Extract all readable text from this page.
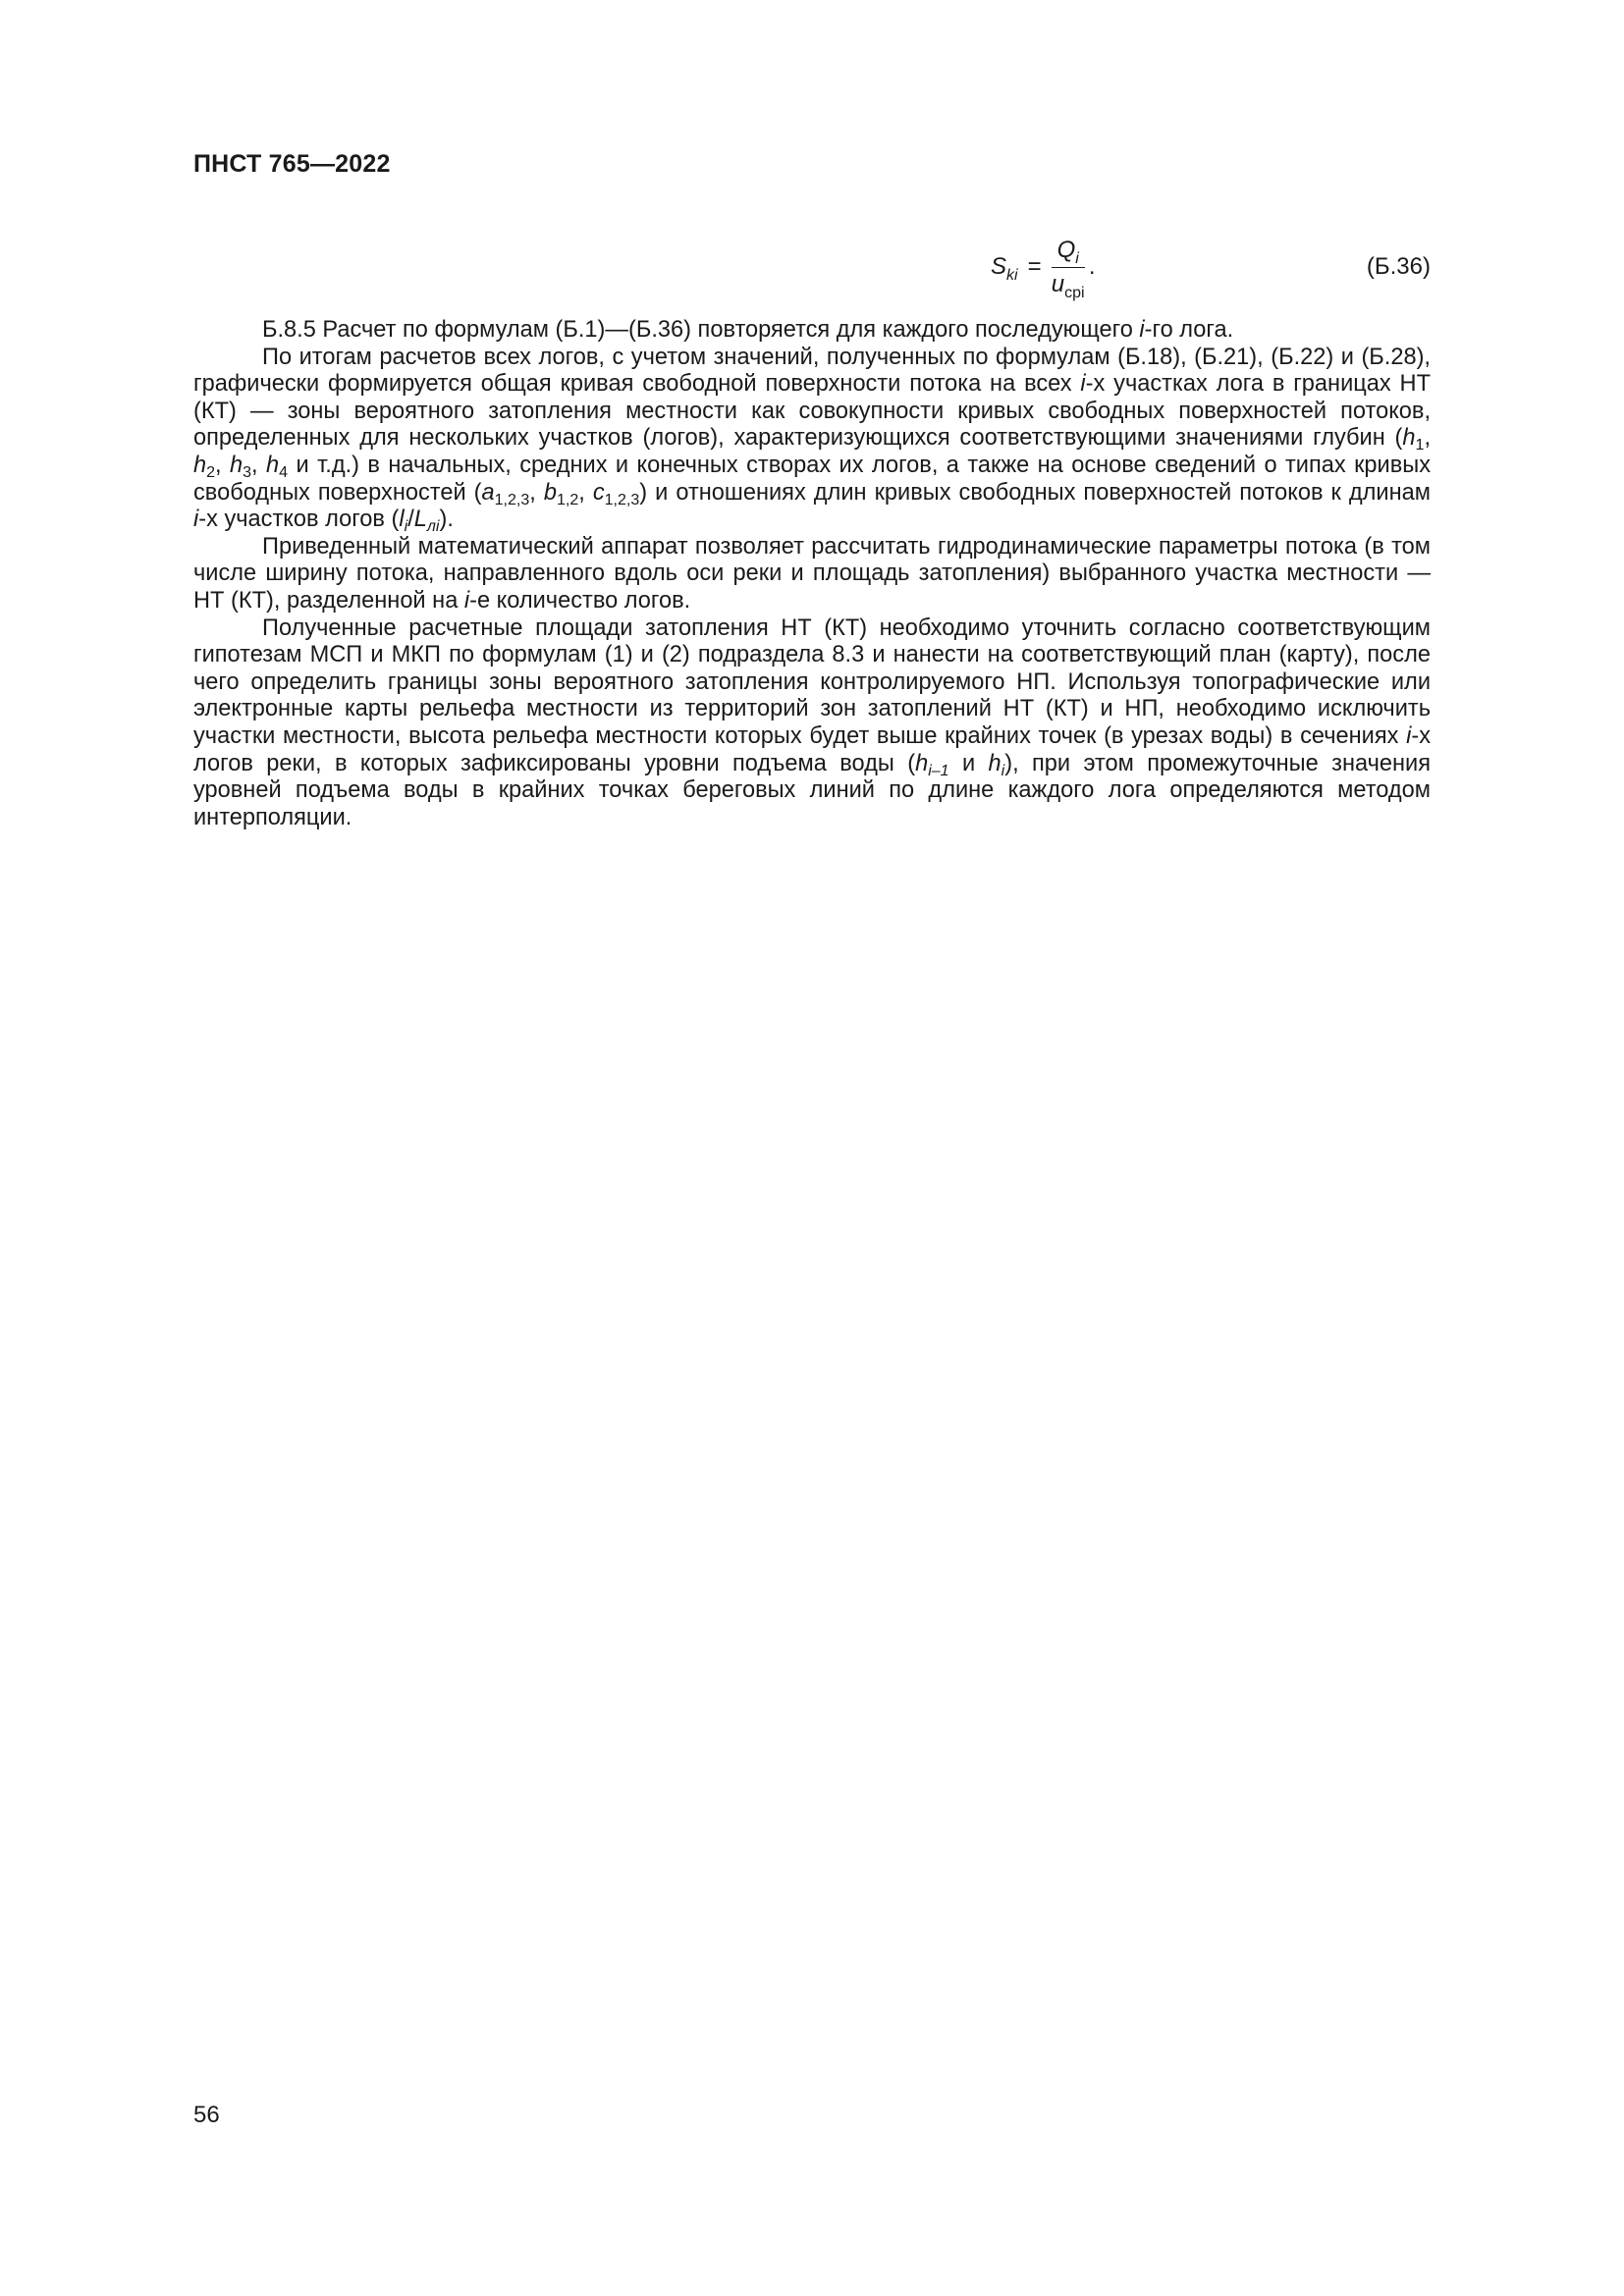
ПНСТ 765—2022
$S_{ki} = \frac{Q_i}{u_{срi}}$ .	(Б.36)

Б.8.5 Расчет по формулам (Б.1)—(Б.36) повторяется для каждого последующего i-го лога.

По итогам расчетов всех логов, с учетом значений, полученных по формулам (Б.18), (Б.21), (Б.22) и (Б.28), графически формируется общая кривая свободной поверхности потока на всех i-х участках лога в границах НТ (КТ) — зоны вероятного затопления местности как совокупности кривых свободных поверхностей потоков, определенных для нескольких участков (логов), характеризующихся соответствующими значениями глубин ($h_1$, $h_2$, $h_3$, $h_4$ и т.д.) в начальных, средних и конечных створах их логов, а также на основе сведений о типах кривых свободных поверхностей ($a_{1,2,3}$, $b_{1,2}$, $c_{1,2,3}$) и отношениях длин кривых свободных поверхностей потоков к длинам i-х участков логов $(l_i/L_{лi})$.

Приведенный математический аппарат позволяет рассчитать гидродинамические параметры потока (в том числе ширину потока, направленного вдоль оси реки и площадь затопления) выбранного участка местности — НТ (КТ), разделенной на i-е количество логов.

Полученные расчетные площади затопления НТ (КТ) необходимо уточнить согласно соответствующим гипотезам МСП и МКП по формулам (1) и (2) подраздела 8.3 и нанести на соответствующий план (карту), после чего определить границы зоны вероятного затопления контролируемого НП. Используя топографические или электронные карты рельефа местности из территорий зон затоплений НТ (КТ) и НП, необходимо исключить участки местности, высота рельефа местности которых будет выше крайних точек (в урезах воды) в сечениях i-х логов реки, в которых зафиксированы уровни подъема воды ($h_{i-1}$ и $h_i$), при этом промежуточные значения уровней подъема воды в крайних точках береговых линий по длине каждого лога определяются методом интерполяции.

56
